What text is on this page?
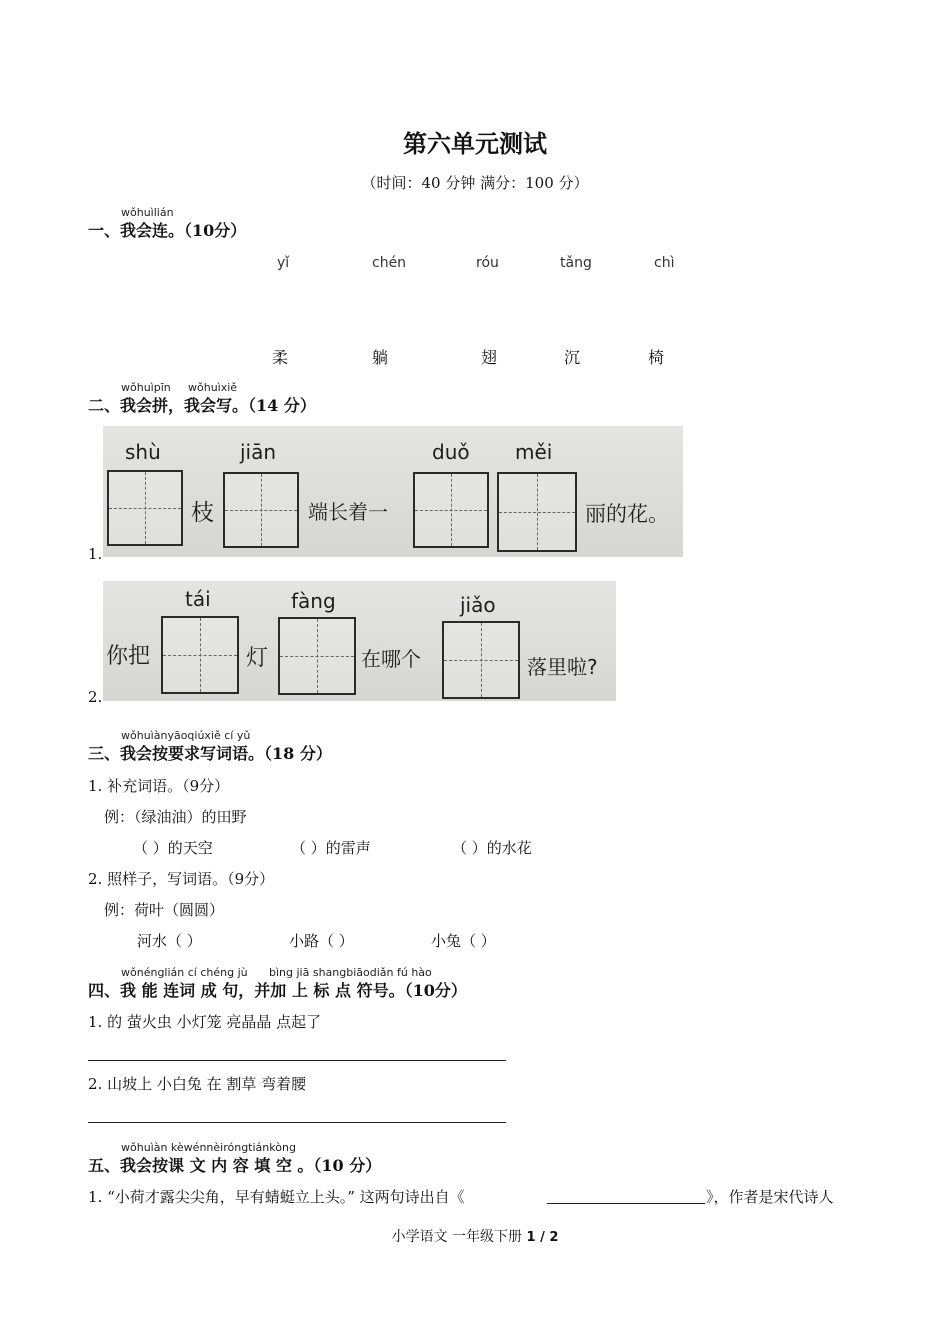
第六单元测试
（时间：40 分钟 满分：100 分）
wǒhuìlián
一、我会连。（10分）
yǐ	chén	róu	tǎng	chì
柔	躺	翅	沉	椅
wǒhuìpīn wǒhuìxiě
二、我会拼，我会写。（14 分）
1.
shù	jiān	duǒ měi
枝	端长着一	丽的花。
2.
tái	fàng	jiǎo
你把	灯	在哪个	落里啦?
wǒhuìànyāoqiúxiě cí yǔ
三、我会按要求写词语。（18 分）
1. 补充词语。（9分）
例：（绿油油）的田野
（ ）的天空	（ ）的雷声	（ ）的水花
2. 照样子，写词语。（9分）
例：荷叶（圆圆）
河水（ ）	小路（ ）	小兔（ ）
wǒnénglián cí chéng jù bìng jiā shangbiāodiǎn fú hào
四、我 能 连词 成 句，并加 上 标 点 符号。（10分）
1. 的 萤火虫 小灯笼 亮晶晶 点起了
2. 山坡上 小白兔 在 割草 弯着腰
wǒhuìàn kèwénnèiróngtiánkòng
五、我会按课 文 内 容 填 空 。（10 分）
1. “小荷才露尖尖角，早有蜻蜓立上头。” 这两句诗出自《	》，作者是宋代诗人
小学语文 一年级下册 1 / 2
